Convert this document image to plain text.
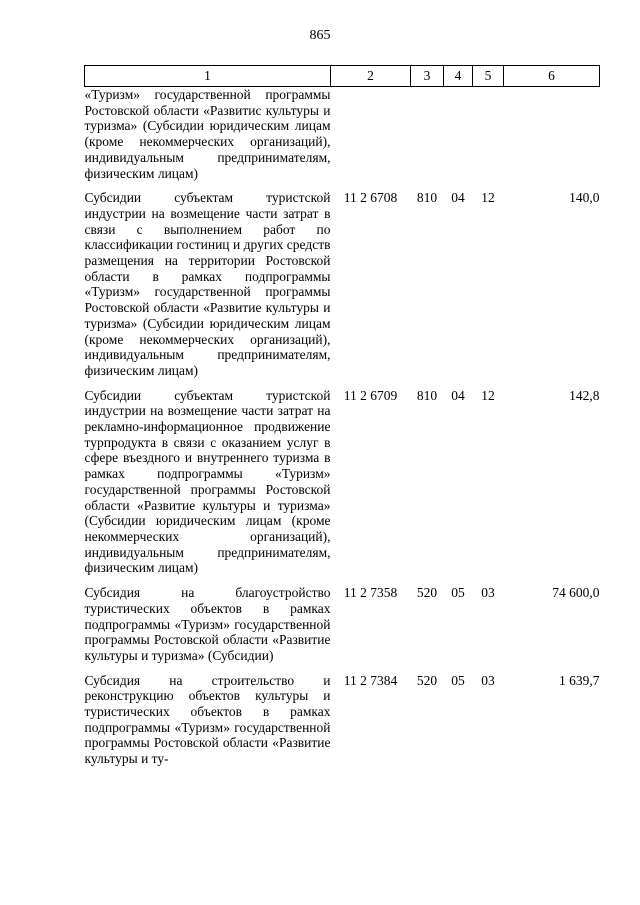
865
1	2	3	4	5	6
«Туризм» государственной программы Ростовской области «Развитис культуры и туризма» (Субсидии юридическим лицам (кроме некоммерческих организаций), индивидуальным предпринимателям, физическим лицам)					
Субсидии субъектам туристской индустрии на возмещение части затрат в связи с выполнением работ по классификации гостиниц и других средств размещения на территории Ростовской области в рамках подпрограммы «Туризм» государственной программы Ростовской области «Развитие культуры и туризма» (Субсидии юридическим лицам (кроме некоммерческих организаций), индивидуальным предпринимателям, физическим лицам)	11 2 6708	810	04	12	140,0
Субсидии субъектам туристской индустрии на возмещение части затрат на рекламно-информационное продвижение турпродукта в связи с оказанием услуг в сфере въездного и внутреннего туризма в рамках подпрограммы «Туризм» государственной программы Ростовской области «Развитие культуры и туризма» (Субсидии юридическим лицам (кроме некоммерческих организаций), индивидуальным предпринимателям, физическим лицам)	11 2 6709	810	04	12	142,8
Субсидия на благоустройство туристических объектов в рамках подпрограммы «Туризм» государственной программы Ростовской области «Развитие культуры и туризма» (Субсидии)	11 2 7358	520	05	03	74 600,0
Субсидия на строительство и реконструкцию объектов культуры и туристических объектов в рамках подпрограммы «Туризм» государственной программы Ростовской области «Развитие культуры и ту-	11 2 7384	520	05	03	1 639,7
